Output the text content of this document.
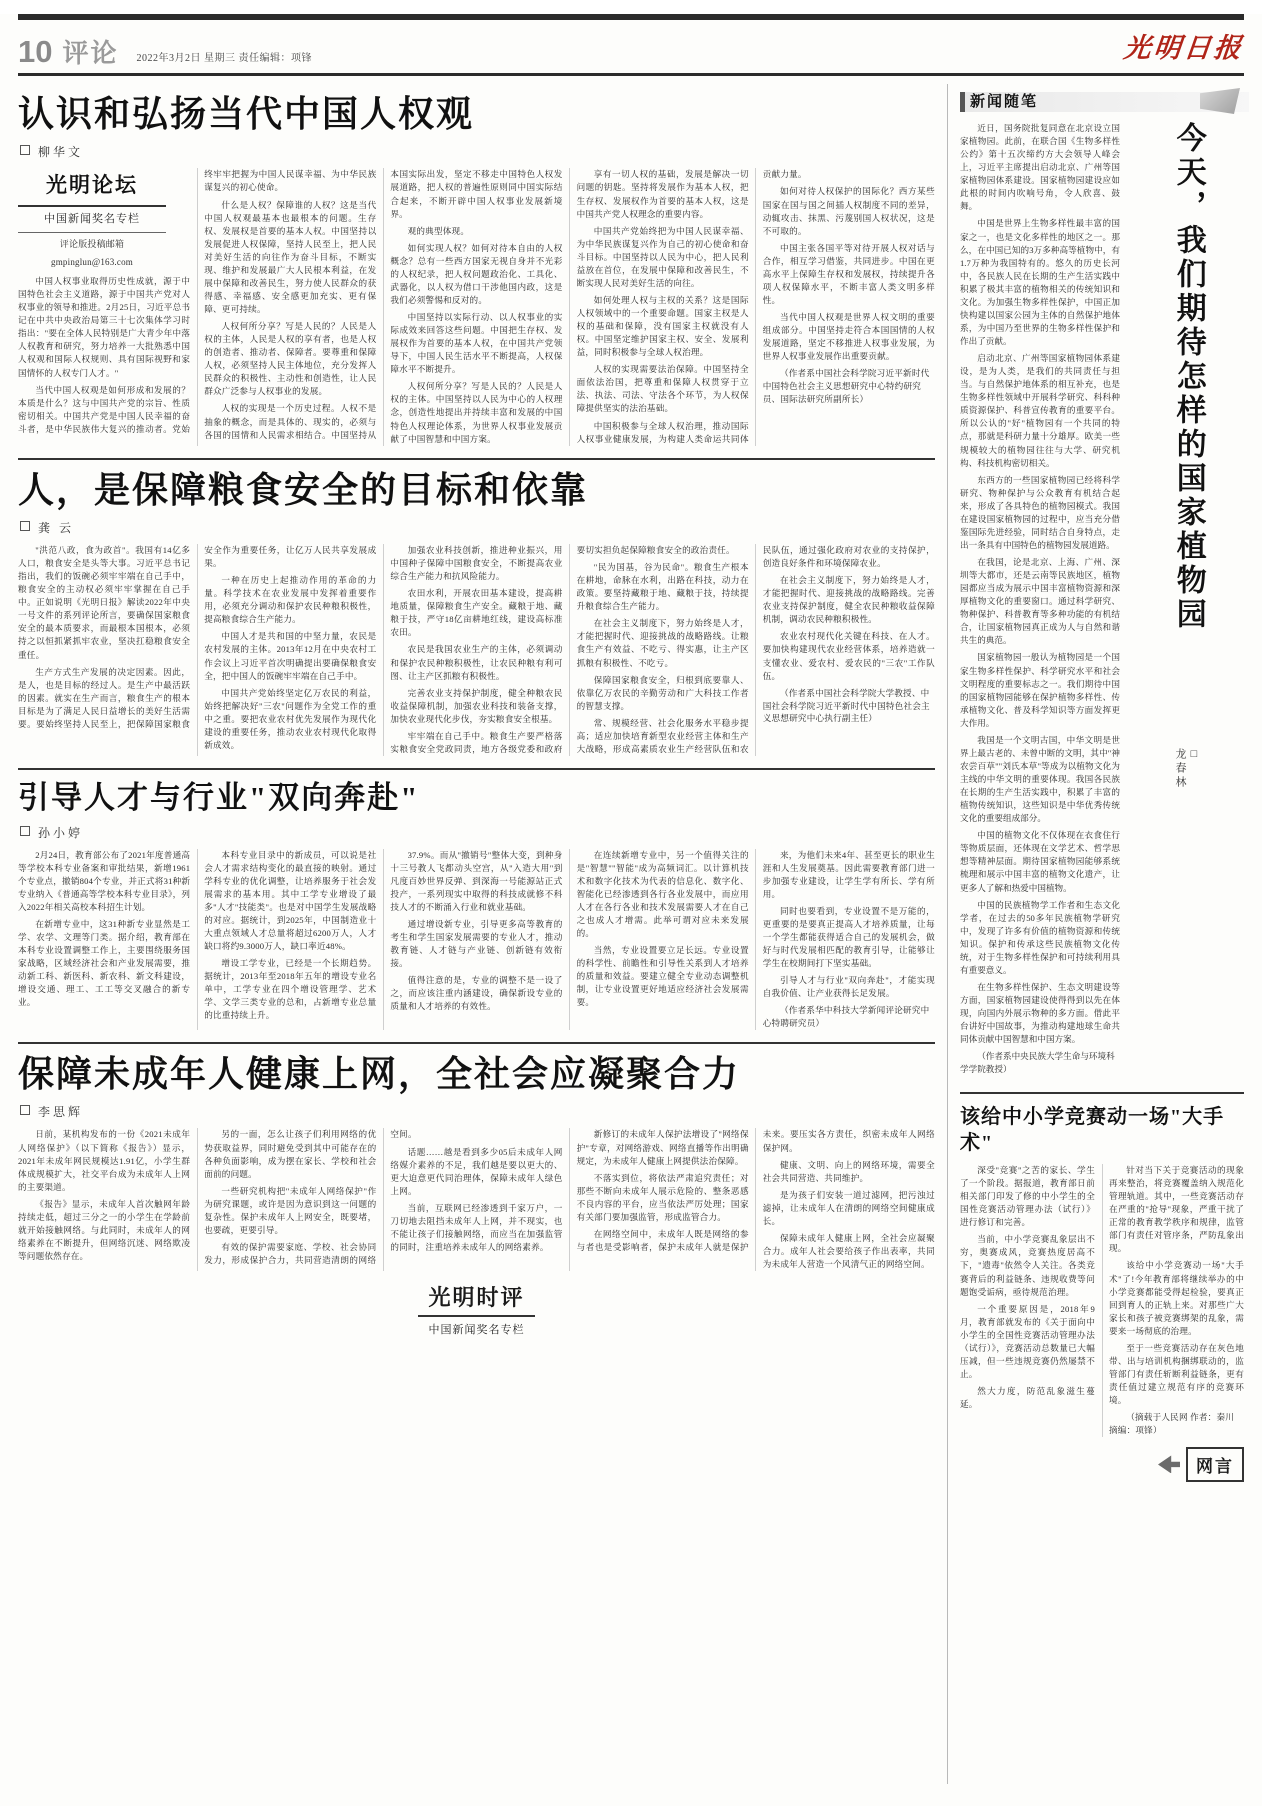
10 评论 2022年3月2日 星期三 责任编辑：项锋	光明日报
认识和弘扬当代中国人权观
柳华文
光明论坛
中国新闻奖名专栏
评论版投稿邮箱
gmpinglun@163.com

中国人权事业取得历史性成就，源于中国特色社会主义道路，源于中国共产党对人权事业的领导和推进。2月25日，习近平总书记在中共中央政治局第三十七次集体学习时指出："要在全体人民特别是广大青少年中落人权教育和研究，努力培养一大批熟悉中国人权观和国际人权规则、具有国际视野和家国情怀的人权专门人才。"

当代中国人权观是如何形成和发展的？本质是什么？这与中国共产党的宗旨、性质密切相关。中国共产党是中国人民幸福的奋斗者，是中华民族伟大复兴的推动者。党始终牢牢把握为中国人民谋幸福、为中华民族谋复兴的初心使命。

什么是人权？保障谁的人权？这是当代中国人权观最基本也最根本的问题。生存权、发展权是首要的基本人权。中国坚持以发展促进人权保障，坚持人民至上，把人民对美好生活的向往作为奋斗目标，不断实现、维护和发展最广大人民根本利益，在发展中保障和改善民生，努力使人民群众的获得感、幸福感、安全感更加充实、更有保障、更可持续。

人权何所分享？写是人民的？人民是人权的主体，人民是人权的享有者，也是人权的创造者、推动者、保障者。要尊重和保障人权，必须坚持人民主体地位，充分发挥人民群众的积极性、主动性和创造性，让人民群众广泛参与人权事业的发展。

人权的实现是一个历史过程。人权不是抽象的概念，而是具体的、现实的，必须与各国的国情和人民需求相结合。中国坚持从本国实际出发，坚定不移走中国特色人权发展道路，把人权的普遍性原则同中国实际结合起来，不断开辟中国人权事业发展新境界。

观的典型体现。

如何实现人权？如何对待本自由的人权概念？总有一些西方国家无视自身并不光彩的人权纪录，把人权问题政治化、工具化、武器化，以人权为借口干涉他国内政，这是我们必须警惕和反对的。

中国坚持以实际行动、以人权事业的实际成效来回答这些问题。中国把生存权、发展权作为首要的基本人权，在中国共产党领导下，中国人民生活水平不断提高，人权保障水平不断提升。

人权何所分享？写是人民的？人民是人权的主体。中国坚持以人民为中心的人权理念，创造性地提出并持续丰富和发展的中国特色人权理论体系，为世界人权事业发展贡献了中国智慧和中国方案。

享有一切人权的基础，发展是解决一切问题的钥匙。坚持将发展作为基本人权，把生存权、发展权作为首要的基本人权，这是中国共产党人权理念的重要内容。

中国共产党始终把为中国人民谋幸福、为中华民族谋复兴作为自己的初心使命和奋斗目标。中国坚持以人民为中心，把人民利益放在首位，在发展中保障和改善民生，不断实现人民对美好生活的向往。

如何处理人权与主权的关系？这是国际人权领域中的一个重要命题。国家主权是人权的基础和保障，没有国家主权就没有人权。中国坚定维护国家主权、安全、发展利益，同时积极参与全球人权治理。

人权的实现需要法治保障。中国坚持全面依法治国，把尊重和保障人权贯穿于立法、执法、司法、守法各个环节，为人权保障提供坚实的法治基础。

中国积极参与全球人权治理，推动国际人权事业健康发展，为构建人类命运共同体贡献力量。

如何对待人权保护的国际化？西方某些国家在国与国之间插人权制度不同的差异，动辄攻击、抹黑、污蔑别国人权状况，这是不可取的。

中国主张各国平等对待开展人权对话与合作，相互学习借鉴，共同进步。中国在更高水平上保障生存权和发展权，持续提升各项人权保障水平，不断丰富人类文明多样性。

当代中国人权观是世界人权文明的重要组成部分。中国坚持走符合本国国情的人权发展道路，坚定不移推进人权事业发展，为世界人权事业发展作出重要贡献。

（作者系中国社会科学院习近平新时代中国特色社会主义思想研究中心特约研究员、国际法研究所副所长）

人，是保障粮食安全的目标和依靠
龚 云

"洪范八政，食为政首"。我国有14亿多人口，粮食安全是头等大事。习近平总书记指出，我们的饭碗必须牢牢端在自己手中，粮食安全的主动权必须牢牢掌握在自己手中。正如说明《光明日报》解读2022年中央一号文件的系列评论所言，要确保国家粮食安全的最本质要求，而最根本国根本，必须持之以恒抓紧抓牢农业，坚决扛稳粮食安全重任。

生产方式生产发展的决定因素。因此，是人，也是目标的经过人。是生产中最活跃的因素。就实在生产而言，粮食生产的根本目标是为了满足人民日益增长的美好生活需要。要始终坚持人民至上，把保障国家粮食安全作为重要任务，让亿万人民共享发展成果。

一种在历史上起推动作用的革命的力量。科学技术在农业发展中发挥着重要作用，必须充分调动和保护农民种粮积极性，提高粮食综合生产能力。

中国人才是共和国的中坚力量，农民是农村发展的主体。2013年12月在中央农村工作会议上习近平首次明确提出要确保粮食安全，把中国人的饭碗牢牢端在自己手中。

中国共产党始终坚定亿万农民的利益，始终把解决好"三农"问题作为全党工作的重中之重。要把农业农村优先发展作为现代化建设的重要任务，推动农业农村现代化取得新成效。

加强农业科技创新，推进种业振兴，用中国种子保障中国粮食安全，不断提高农业综合生产能力和抗风险能力。

农田水利，开展农田基本建设，提高耕地质量，保障粮食生产安全。藏粮于地、藏粮于技，严守18亿亩耕地红线，建设高标准农田。

农民是我国农业生产的主体，必须调动和保护农民种粮积极性，让农民种粮有利可图、让主产区抓粮有积极性。

完善农业支持保护制度，健全种粮农民收益保障机制，加强农业科技和装备支撑，加快农业现代化步伐，夯实粮食安全根基。

牢牢端在自己手中。粮食生产要严格落实粮食安全党政同责，地方各级党委和政府要切实担负起保障粮食安全的政治责任。

"民为国基，谷为民命"。粮食生产根本在耕地，命脉在水利，出路在科技，动力在政策。要坚持藏粮于地、藏粮于技，持续提升粮食综合生产能力。

在社会主义制度下，努力始终是人才，才能把握时代、迎接挑战的战略路线。让粮食生产有效益、不吃亏、得实惠，让主产区抓粮有积极性、不吃亏。

保障国家粮食安全，归根到底要靠人、依靠亿万农民的辛勤劳动和广大科技工作者的智慧支撑。

常、规模经营、社会化服务水平稳步提高；适应加快培育新型农业经营主体和生产大战略，形成高素质农业生产经营队伍和农民队伍，通过强化政府对农业的支持保护，创造良好条件和环境保障农业。

在社会主义制度下，努力始终是人才，才能把握时代、迎接挑战的战略路线。完善农业支持保护制度，健全农民种粮收益保障机制，调动农民种粮积极性。

农业农村现代化关键在科技、在人才。要加快构建现代农业经营体系，培养造就一支懂农业、爱农村、爱农民的"三农"工作队伍。

（作者系中国社会科学院大学教授、中国社会科学院习近平新时代中国特色社会主义思想研究中心执行副主任）

引导人才与行业"双向奔赴"
孙小婷

2月24日，教育部公布了2021年度普通高等学校本科专业备案和审批结果，新增1961个专业点，撤销804个专业，并正式将31种新专业纳入《普通高等学校本科专业目录》，列入2022年相关高校本科招生计划。

在新增专业中，这31种新专业显然是工学、农学、文理等门类。据介绍，教育部在本科专业设置调整工作上，主要围绕服务国家战略，区域经济社会和产业发展需要，推动新工科、新医科、新农科、新文科建设，增设交通、理工、工工等交叉融合的新专业。

本科专业目录中的新成员，可以说是社会人才需求结构变化的最直接的映射。通过学科专业的优化调整，让培养服务于社会发展需求的基本用。其中工学专业增设了最多"人才"技能类"。也是对中国学生发展战略的对应。据统计，到2025年，中国制造业十大重点领域人才总量将超过6200万人，人才缺口将约9.3000万人，缺口率近48%。

增设工学专业，已经是一个长期趋势。据统计，2013年至2018年五年的增设专业名单中，工学专业在四个增设管理学、艺术学、文学三类专业的总和，占新增专业总量的比重持续上升。

37.9%。而从"撤销号"整体大变，到种身十三号教人飞都动头空宫，从"入造大用"到凡度百妙世界反弹、到深海一号能源站正式投产，一系列现实中取得的科技成就修不科技人才的不断涌入行业和就业基础。

通过增设新专业，引导更多高等教育的考生和学生国家发展需要的专业人才，推动教育链、人才链与产业链、创新链有效衔接。

值得注意的是，专业的调整不是一设了之，而应该注重内涵建设，确保新设专业的质量和人才培养的有效性。

在连续新增专业中，另一个值得关注的是"智慧""智能"成为高频词汇。以计算机技术和数字化技术为代表的信息化、数字化、智能化已经渗透到各行各业发展中，而应用人才在各行各业和技术发展需要人才在自己之也成人才增需。此举可谓对应未来发展的。

当然，专业设置要立足长远。专业设置的科学性、前瞻性和引导性关系到人才培养的质量和效益。要建立健全专业动态调整机制，让专业设置更好地适应经济社会发展需要。

来，为他们未来4年、甚至更长的职业生涯和人生发展奠基。因此需要教育部门进一步加强专业建设，让学生学有所长、学有所用。

同时也要看到，专业设置不是万能的，更重要的是要真正提高人才培养质量，让每一个学生都能获得适合自己的发展机会，做好与时代发展相匹配的教育引导，让能够让学生在校期间打下坚实基础。

引导人才与行业"双向奔赴"，才能实现自我价值、让产业获得长足发展。

（作者系华中科技大学新闻评论研究中心特聘研究员）

保障未成年人健康上网，全社会应凝聚合力
李思辉

日前，某机构发布的一份《2021未成年人网络保护》（以下简称《报告》）显示，2021年未成年网民规模达1.91亿，小学生群体成规模扩大，社交平台成为未成年人上网的主要渠道。

《报告》显示，未成年人首次触网年龄持续走低，超过三分之一的小学生在学龄前就开始接触网络。与此同时，未成年人的网络素养在不断提升，但网络沉迷、网络欺凌等问题依然存在。

另的一面，怎么让孩子们利用网络的优势获取益界，同时避免受到其中可能存在的各种负面影响，成为摆在家长、学校和社会面前的问题。

一些研究机构把"未成年人网络保护"作为研究课题，或许是因为意识到这一问题的复杂性。保护未成年人上网安全，既要堵，也要疏，更要引导。

有效的保护需要家庭、学校、社会协同发力，形成保护合力，共同营造清朗的网络空间。

话题……越是看到多少05后未成年人网络媒介素养的不足，我们越是要以更大的、更大迫意更代同治理体，保障未成年人绿色上网。

当前，互联网已经渗透到千家万户，一刀切地去阻挡未成年人上网，并不现实，也不能让孩子们接触网络，而应当在加强监管的同时，注重培养未成年人的网络素养。

新修订的未成年人保护法增设了"网络保护"专章，对网络游戏、网络直播等作出明确规定，为未成年人健康上网提供法治保障。

不落实到位，将依法严肃追究责任；对那些不断向未成年人展示危险的、整条恶感不良内容的平台，应当依法严厉处理；国家有关部门要加强监管，形成监管合力。

在网络空间中，未成年人既是网络的参与者也是受影响者，保护未成年人就是保护未来。要压实各方责任，织密未成年人网络保护网。

健康、文明、向上的网络环境，需要全社会共同营造、共同维护。

是为孩子们安装一道过滤网，把污浊过滤掉，让未成年人在清朗的网络空间健康成长。

保障未成年人健康上网，全社会应凝聚合力。成年人社会要给孩子作出表率，共同为未成年人营造一个风清气正的网络空间。

光明时评
中国新闻奖名专栏
新闻随笔

近日，国务院批复同意在北京设立国家植物园。此前，在联合国《生物多样性公约》第十五次缔约方大会领导人峰会上，习近平主席提出启动北京、广州等国家植物园体系建设。国家植物园建设应如此根的时间内吹响号角，令人欣喜、鼓舞。

中国是世界上生物多样性最丰富的国家之一，也是文化多样性的地区之一。那么，在中国已知的3万多种高等植物中，有1.7万种为我国特有的。悠久的历史长河中，各民族人民在长期的生产生活实践中积累了极其丰富的植物相关的传统知识和文化。为加强生物多样性保护，中国正加快构建以国家公园为主体的自然保护地体系，为中国乃至世界的生物多样性保护和作出了贡献。

启动北京、广州等国家植物园体系建设，是为人类，是我们的共同责任与担当。与自然保护地体系的相互补充，也是生物多样性领域中开展科学研究、科科种质资源保护、科普宣传教育的重要平台。所以公认的"好"植物园有一个共同的特点，那就是科研力量十分雄厚。欧美一些规模较大的植物园往往与大学、研究机构、科技机构密切相关。

东西方的一些国家植物园已经将科学研究、物种保护与公众教育有机结合起来，形成了各具特色的植物园模式。我国在建设国家植物园的过程中，应当充分借鉴国际先进经验，同时结合自身特点，走出一条具有中国特色的植物园发展道路。

在我国，论是北京、上海、广州、深圳等大都市，还是云南等民族地区，植物园都应当成为展示中国丰富植物资源和深厚植物文化的重要窗口。通过科学研究、物种保护、科普教育等多种功能的有机结合，让国家植物园真正成为人与自然和谐共生的典范。

国家植物园一般认为植物园是一个国家生物多样性保护、科学研究水平和社会文明程度的重要标志之一。我们期待中国的国家植物园能够在保护植物多样性、传承植物文化、普及科学知识等方面发挥更大作用。

我国是一个文明古国，中华文明是世界上最古老的、未曾中断的文明，其中"神农尝百草""刘氏本草"等成为以植物文化为主线的中华文明的重要体现。我国各民族在长期的生产生活实践中，积累了丰富的植物传统知识，这些知识是中华优秀传统文化的重要组成部分。

中国的植物文化不仅体现在衣食住行等物质层面，还体现在文学艺术、哲学思想等精神层面。期待国家植物园能够系统梳理和展示中国丰富的植物文化遗产，让更多人了解和热爱中国植物。

中国的民族植物学工作者和生态文化学者，在过去的50多年民族植物学研究中，发现了许多有价值的植物资源和传统知识。保护和传承这些民族植物文化传统，对于生物多样性保护和可持续利用具有重要意义。

在生物多样性保护、生态文明建设等方面，国家植物园建设使得得到以先在体现，向国内外展示物种的多方面。借此平台讲好中国故事，为推动构建地球生命共同体贡献中国智慧和中国方案。

（作者系中央民族大学生命与环境科学学院教授）

今天，我们期待怎样的国家植物园
□
龙春林
该给中小学竞赛动一场"大手术"

深受"竞赛"之苦的家长、学生了一个阶段。据报道，教育部日前相关部门印发了修的中小学生的全国性竞赛活动管理办法（试行）》进行修订和完善。

当前，中小学竞赛乱象层出不穷，奥赛成风，竞赛热度居高不下，"遗毒"依然令人关注。各类竞赛背后的利益链条、违规收费等问题饱受诟病，亟待规范治理。

一个重要原因是，2018年9月，教育部就发布的《关于面向中小学生的全国性竞赛活动管理办法（试行）》，竞赛活动总数量已大幅压减，但一些违规竞赛仍然屡禁不止。

然大力度，防范乱象滋生蔓延。

针对当下关于竞赛活动的现象再来整治，将竞赛覆盖纳入规范化管理轨道。其中，一些竞赛活动存在严重的"抢导"现象，严重干扰了正常的教育教学秩序和规律，监管部门有责任对管序条，严防乱象出现。

该给中小学竞赛动一场"大手术"了!今年教育部将继续举办的中小学竞赛都能受得起检验，要真正回到育人的正轨上来。对那些广大家长和孩子被竞赛绑架的乱象，需要来一场彻底的治理。

至于一些竞赛活动存在灰色地带、出与培训机构捆绑联动的，监管部门有责任斩断利益链条，更有责任值过建立规范有序的竞赛环境。

（摘载于人民网 作者：秦川 摘编：项锋）

网言
